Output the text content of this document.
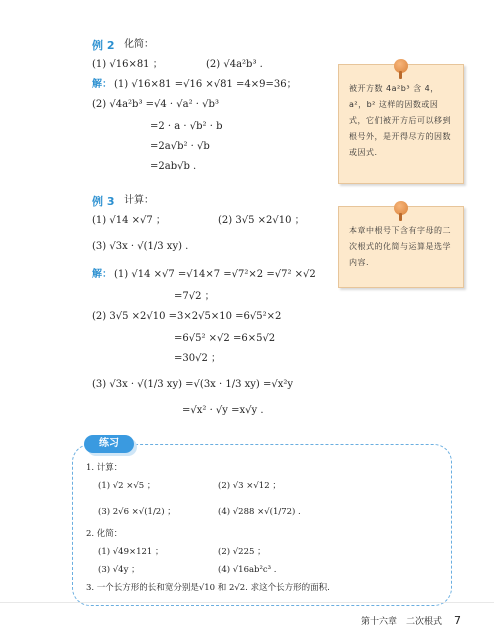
例 2 化简：
(1) √16×81 ；	(2) √4a²b³ .
解： (1) √16×81 =√16 ×√81 =4×9=36；
(2) √4a²b³ =√4 · √a² · √b³
=2 · a · √b² · b
=2a√b² · √b
=2ab√b .
被开方数 4a²b³ 含 4，a²，b² 这样的因数或因式，它们被开方后可以移到根号外，是开得尽方的因数或因式.
例 3 计算：
(1) √14 ×√7 ；	(2) 3√5 ×2√10 ；
(3) √3x · √(1/3 xy) .
解： (1) √14 ×√7 =√14×7 =√7²×2 =√7² ×√2
=7√2 ；
(2) 3√5 ×2√10 =3×2√5×10 =6√5²×2
=6√5² ×√2 =6×5√2
=30√2 ；
(3) √3x · √(1/3 xy) =√(3x · 1/3 xy) =√x²y
=√x² · √y =x√y .
本章中根号下含有字母的二次根式的化简与运算是选学内容.
练习
1. 计算：
(1) √2 ×√5 ；	(2) √3 ×√12 ；
(3) 2√6 ×√(1/2) ；	(4) √288 ×√(1/72) .
2. 化简：
(1) √49×121 ；	(2) √225 ；
(3) √4y ；	(4) √16ab²c³ .
3. 一个长方形的长和宽分别是√10 和 2√2. 求这个长方形的面积.
第十六章　二次根式 7
